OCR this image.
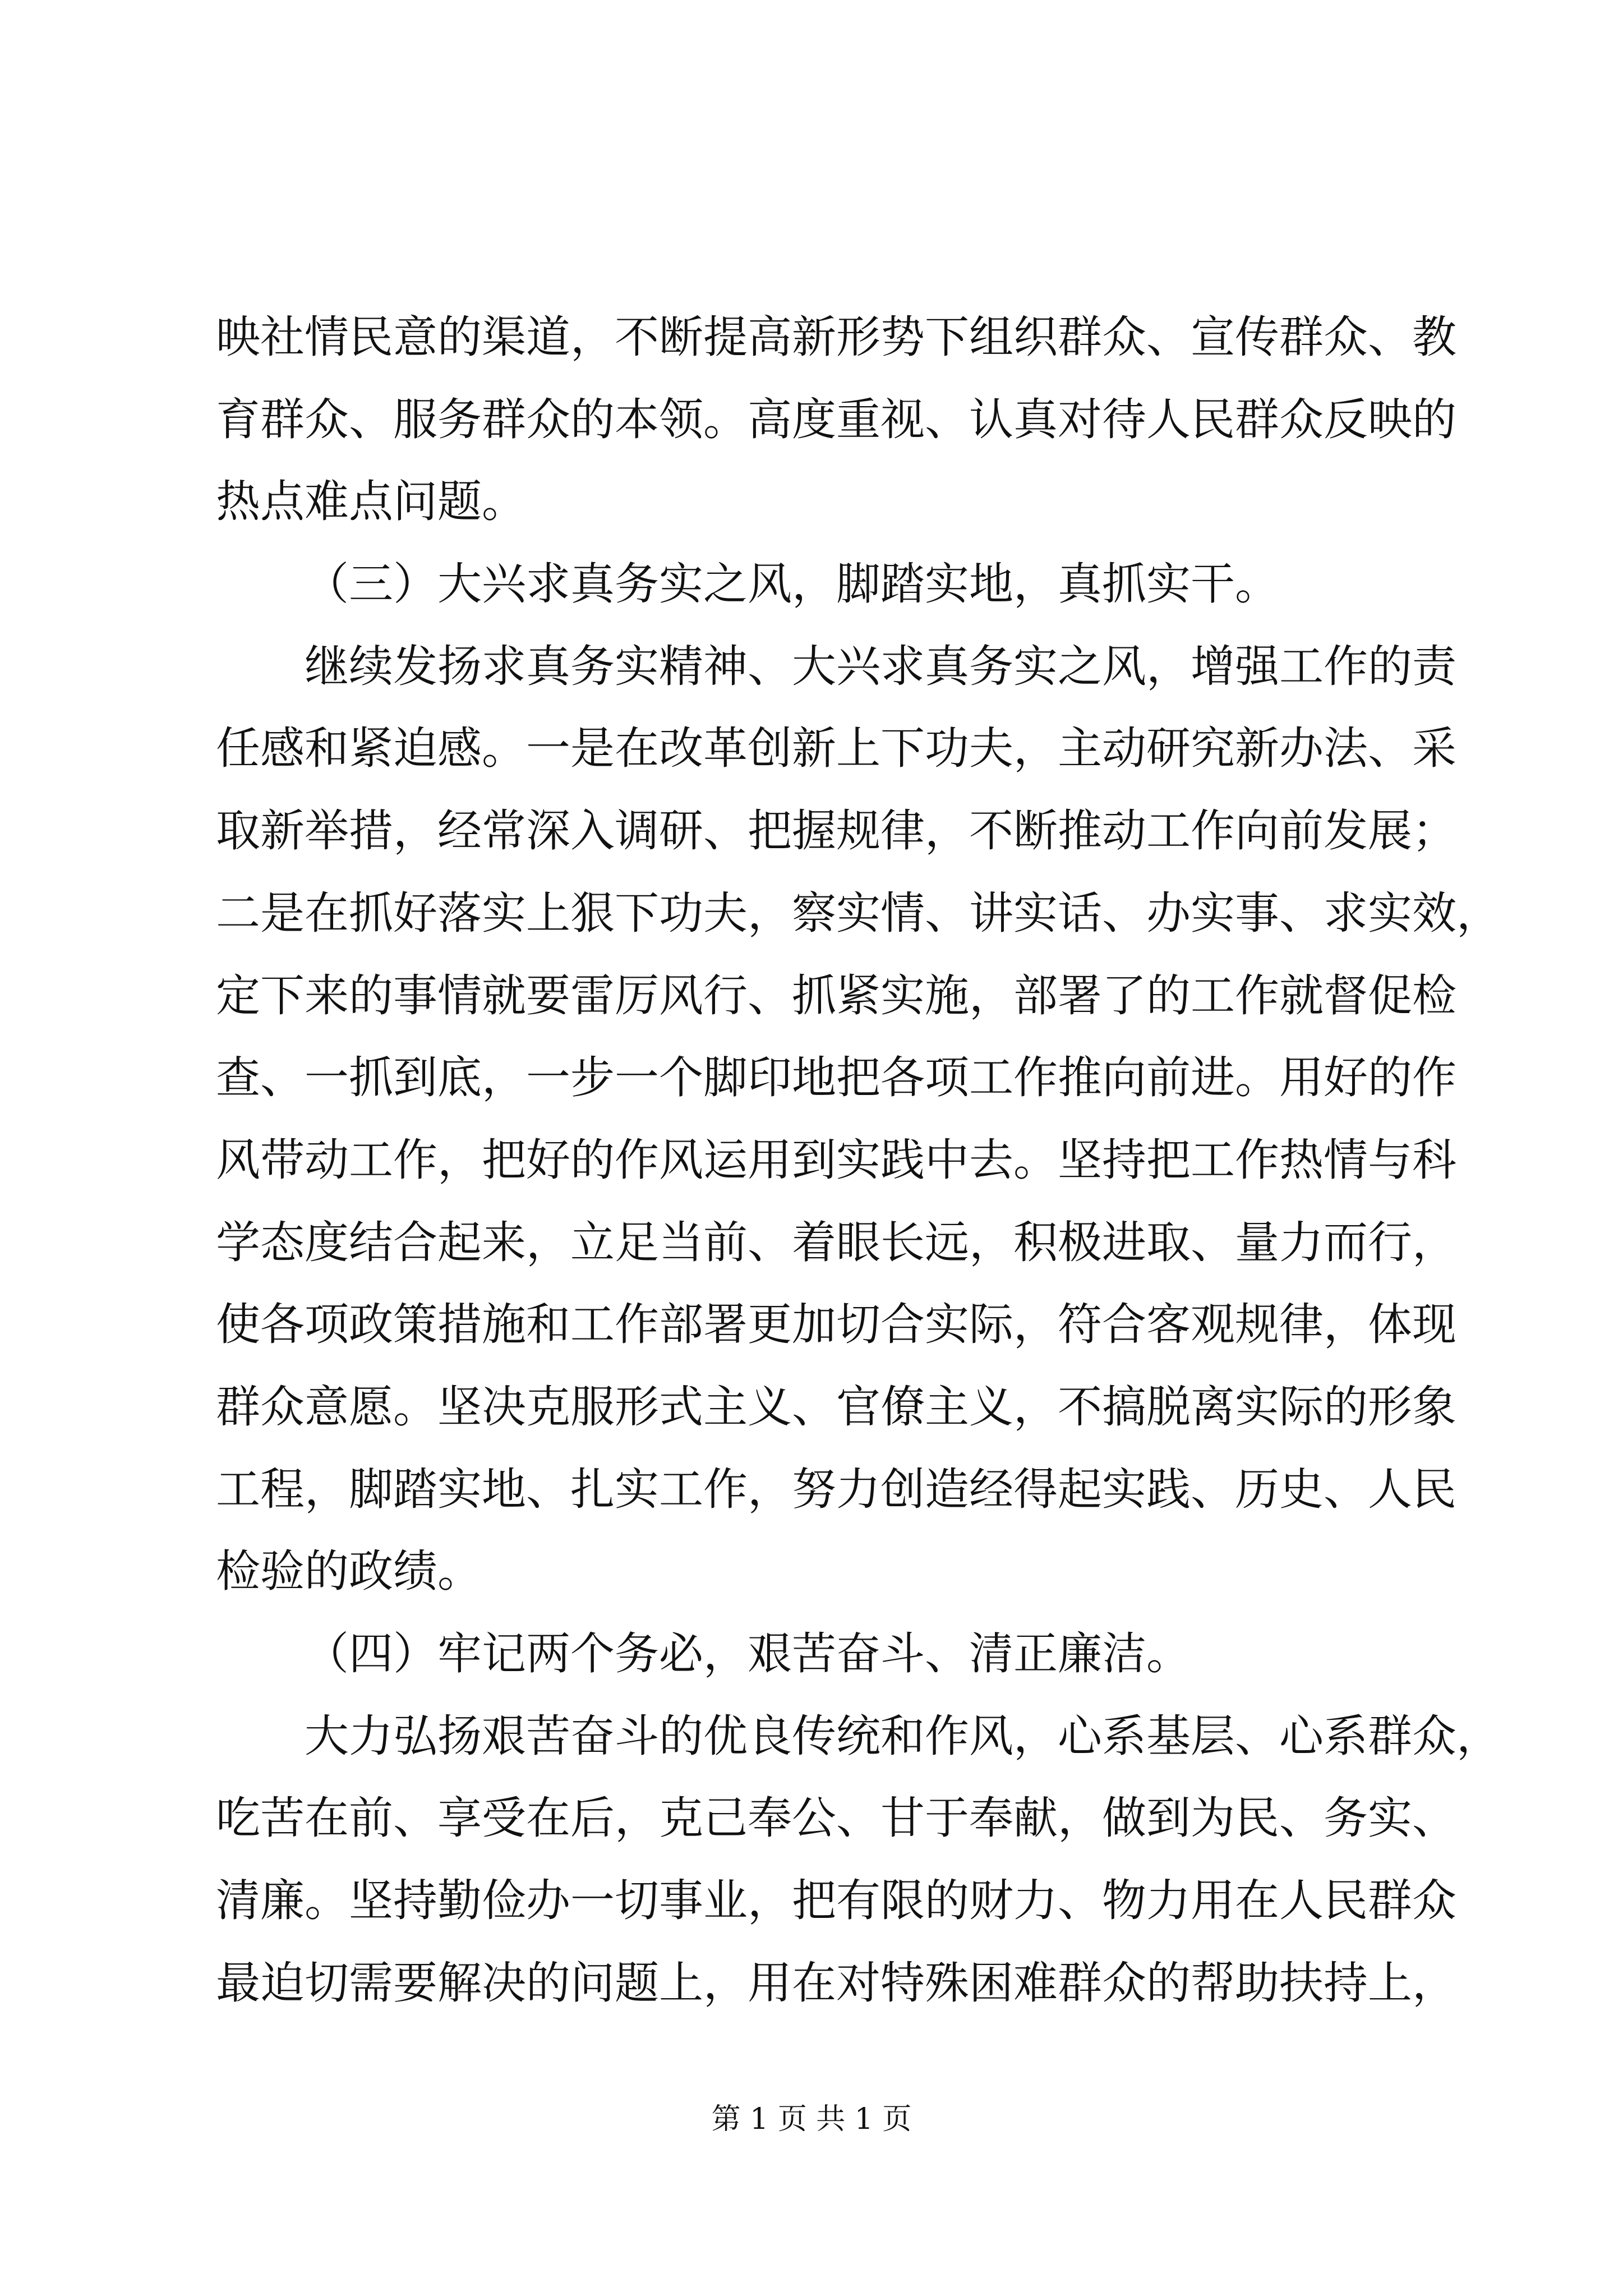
映社情民意的渠道，不断提高新形势下组织群众、宣传群众、教
育群众、服务群众的本领。高度重视、认真对待人民群众反映的
热点难点问题。
（三）大兴求真务实之风，脚踏实地，真抓实干。
继续发扬求真务实精神、大兴求真务实之风，增强工作的责
任感和紧迫感。一是在改革创新上下功夫，主动研究新办法、采
取新举措，经常深入调研、把握规律，不断推动工作向前发展；
二是在抓好落实上狠下功夫，察实情、讲实话、办实事、求实效，
定下来的事情就要雷厉风行、抓紧实施，部署了的工作就督促检
查、一抓到底，一步一个脚印地把各项工作推向前进。用好的作
风带动工作，把好的作风运用到实践中去。坚持把工作热情与科
学态度结合起来，立足当前、着眼长远，积极进取、量力而行，
使各项政策措施和工作部署更加切合实际，符合客观规律，体现
群众意愿。坚决克服形式主义、官僚主义，不搞脱离实际的形象
工程，脚踏实地、扎实工作，努力创造经得起实践、历史、人民
检验的政绩。
（四）牢记两个务必，艰苦奋斗、清正廉洁。
大力弘扬艰苦奋斗的优良传统和作风，心系基层、心系群众，
吃苦在前、享受在后，克己奉公、甘于奉献，做到为民、务实、
清廉。坚持勤俭办一切事业，把有限的财力、物力用在人民群众
最迫切需要解决的问题上，用在对特殊困难群众的帮助扶持上，
第 1 页 共 1 页
